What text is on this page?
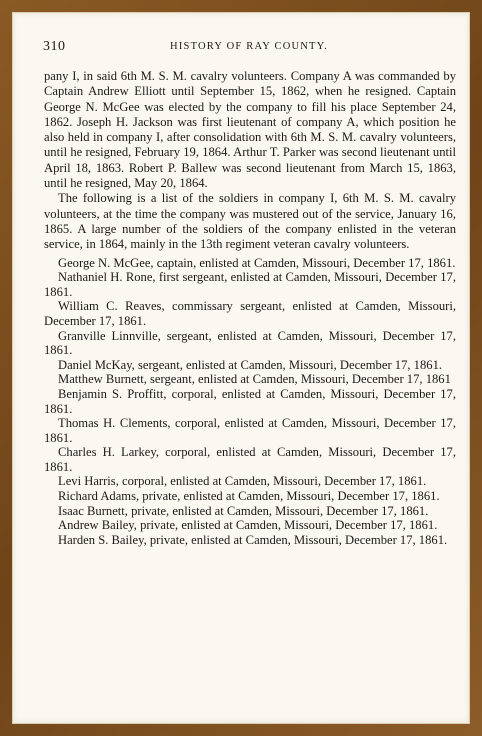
310	HISTORY OF RAY COUNTY.

pany I, in said 6th M. S. M. cavalry volunteers. Company A was commanded by Captain Andrew Elliott until September 15, 1862, when he resigned. Captain George N. McGee was elected by the company to fill his place September 24, 1862. Joseph H. Jackson was first lieutenant of company A, which position he also held in company I, after consolidation with 6th M. S. M. cavalry volunteers, until he resigned, February 19, 1864. Arthur T. Parker was second lieutenant until April 18, 1863. Robert P. Ballew was second lieutenant from March 15, 1863, until he resigned, May 20, 1864.

The following is a list of the soldiers in company I, 6th M. S. M. cavalry volunteers, at the time the company was mustered out of the service, January 16, 1865. A large number of the soldiers of the company enlisted in the veteran service, in 1864, mainly in the 13th regiment veteran cavalry volunteers.

George N. McGee, captain, enlisted at Camden, Missouri, December 17, 1861.

Nathaniel H. Rone, first sergeant, enlisted at Camden, Missouri, December 17, 1861.

William C. Reaves, commissary sergeant, enlisted at Camden, Missouri, December 17, 1861.

Granville Linnville, sergeant, enlisted at Camden, Missouri, December 17, 1861.

Daniel McKay, sergeant, enlisted at Camden, Missouri, December 17, 1861.

Matthew Burnett, sergeant, enlisted at Camden, Missouri, December 17, 1861

Benjamin S. Proffitt, corporal, enlisted at Camden, Missouri, December 17, 1861.

Thomas H. Clements, corporal, enlisted at Camden, Missouri, December 17, 1861.

Charles H. Larkey, corporal, enlisted at Camden, Missouri, December 17, 1861.

Levi Harris, corporal, enlisted at Camden, Missouri, December 17, 1861.

Richard Adams, private, enlisted at Camden, Missouri, December 17, 1861.

Isaac Burnett, private, enlisted at Camden, Missouri, December 17, 1861.

Andrew Bailey, private, enlisted at Camden, Missouri, December 17, 1861.

Harden S. Bailey, private, enlisted at Camden, Missouri, December 17, 1861.
